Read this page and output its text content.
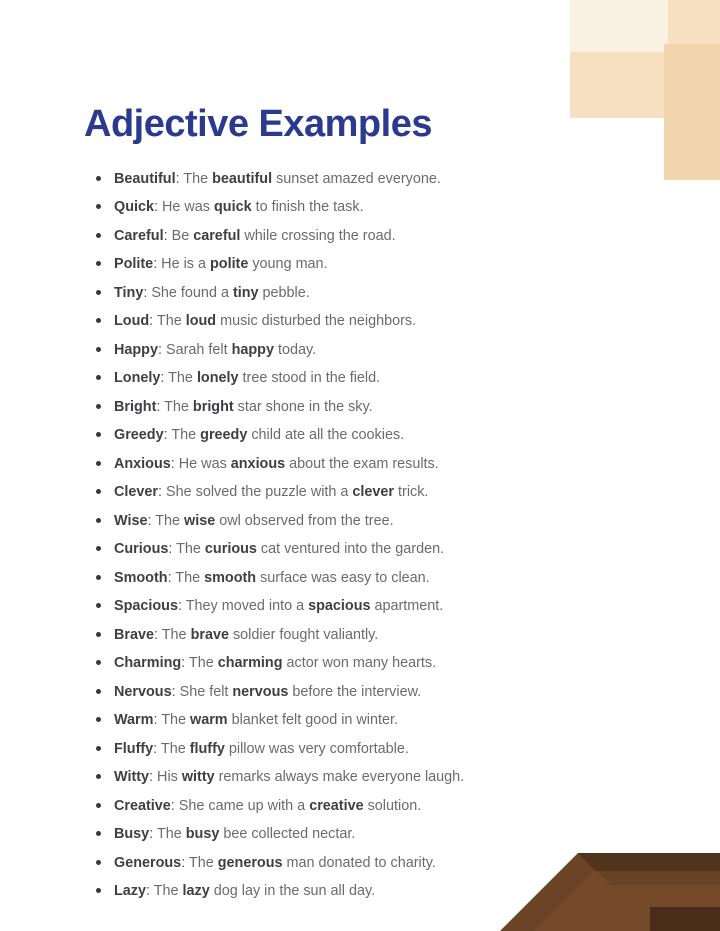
Adjective Examples
Beautiful: The beautiful sunset amazed everyone.
Quick: He was quick to finish the task.
Careful: Be careful while crossing the road.
Polite: He is a polite young man.
Tiny: She found a tiny pebble.
Loud: The loud music disturbed the neighbors.
Happy: Sarah felt happy today.
Lonely: The lonely tree stood in the field.
Bright: The bright star shone in the sky.
Greedy: The greedy child ate all the cookies.
Anxious: He was anxious about the exam results.
Clever: She solved the puzzle with a clever trick.
Wise: The wise owl observed from the tree.
Curious: The curious cat ventured into the garden.
Smooth: The smooth surface was easy to clean.
Spacious: They moved into a spacious apartment.
Brave: The brave soldier fought valiantly.
Charming: The charming actor won many hearts.
Nervous: She felt nervous before the interview.
Warm: The warm blanket felt good in winter.
Fluffy: The fluffy pillow was very comfortable.
Witty: His witty remarks always make everyone laugh.
Creative: She came up with a creative solution.
Busy: The busy bee collected nectar.
Generous: The generous man donated to charity.
Lazy: The lazy dog lay in the sun all day.
